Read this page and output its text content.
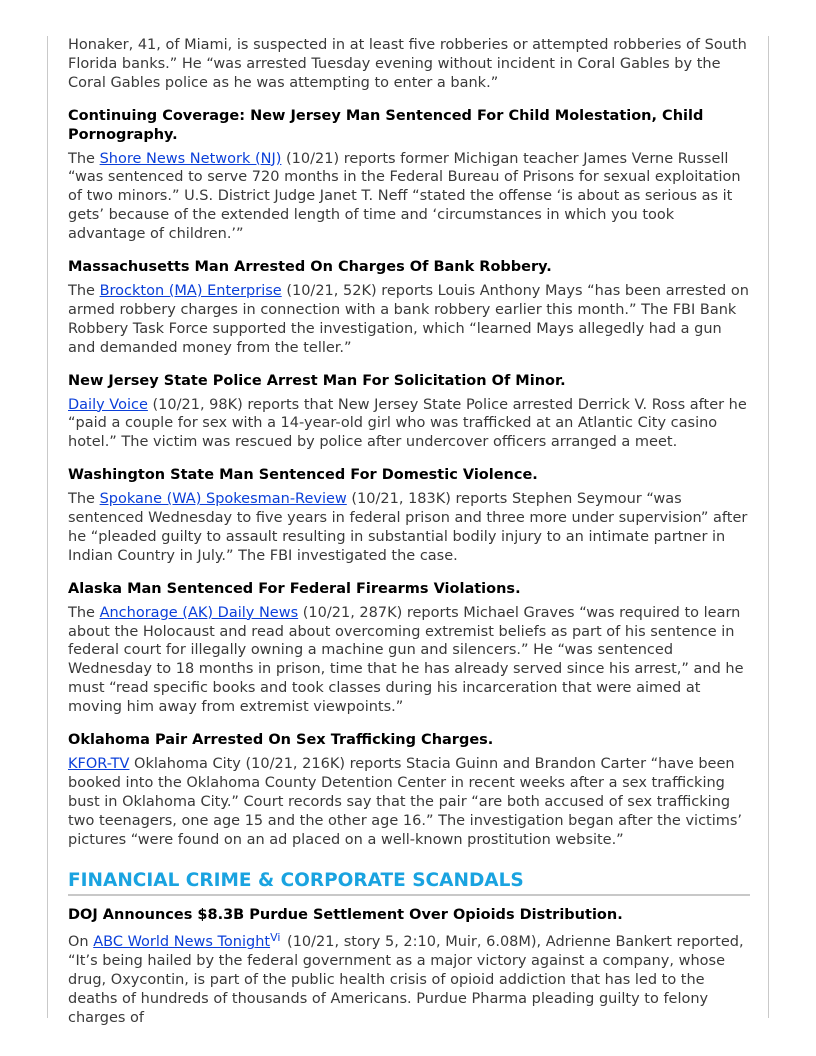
Honaker, 41, of Miami, is suspected in at least five robberies or attempted robberies of South Florida banks.” He “was arrested Tuesday evening without incident in Coral Gables by the Coral Gables police as he was attempting to enter a bank.”

Continuing Coverage: New Jersey Man Sentenced For Child Molestation, Child Pornography.

The Shore News Network (NJ) (10/21) reports former Michigan teacher James Verne Russell “was sentenced to serve 720 months in the Federal Bureau of Prisons for sexual exploitation of two minors.” U.S. District Judge Janet T. Neff “stated the offense ‘is about as serious as it gets’ because of the extended length of time and ‘circumstances in which you took advantage of children.’”

Massachusetts Man Arrested On Charges Of Bank Robbery.

The Brockton (MA) Enterprise (10/21, 52K) reports Louis Anthony Mays “has been arrested on armed robbery charges in connection with a bank robbery earlier this month.” The FBI Bank Robbery Task Force supported the investigation, which “learned Mays allegedly had a gun and demanded money from the teller.”

New Jersey State Police Arrest Man For Solicitation Of Minor.

Daily Voice (10/21, 98K) reports that New Jersey State Police arrested Derrick V. Ross after he “paid a couple for sex with a 14-year-old girl who was trafficked at an Atlantic City casino hotel.” The victim was rescued by police after undercover officers arranged a meet.

Washington State Man Sentenced For Domestic Violence.

The Spokane (WA) Spokesman-Review (10/21, 183K) reports Stephen Seymour “was sentenced Wednesday to five years in federal prison and three more under supervision” after he “pleaded guilty to assault resulting in substantial bodily injury to an intimate partner in Indian Country in July.” The FBI investigated the case.

Alaska Man Sentenced For Federal Firearms Violations.

The Anchorage (AK) Daily News (10/21, 287K) reports Michael Graves “was required to learn about the Holocaust and read about overcoming extremist beliefs as part of his sentence in federal court for illegally owning a machine gun and silencers.” He “was sentenced Wednesday to 18 months in prison, time that he has already served since his arrest,” and he must “read specific books and took classes during his incarceration that were aimed at moving him away from extremist viewpoints.”

Oklahoma Pair Arrested On Sex Trafficking Charges.

KFOR-TV Oklahoma City (10/21, 216K) reports Stacia Guinn and Brandon Carter “have been booked into the Oklahoma County Detention Center in recent weeks after a sex trafficking bust in Oklahoma City.” Court records say that the pair “are both accused of sex trafficking two teenagers, one age 15 and the other age 16.” The investigation began after the victims’ pictures “were found on an ad placed on a well-known prostitution website.”

FINANCIAL CRIME & CORPORATE SCANDALS
DOJ Announces $8.3B Purdue Settlement Over Opioids Distribution.

On ABC World News Tonight$^{Vi}$ (10/21, story 5, 2:10, Muir, 6.08M), Adrienne Bankert reported, “It’s being hailed by the federal government as a major victory against a company, whose drug, Oxycontin, is part of the public health crisis of opioid addiction that has led to the deaths of hundreds of thousands of Americans. Purdue Pharma pleading guilty to felony charges of
